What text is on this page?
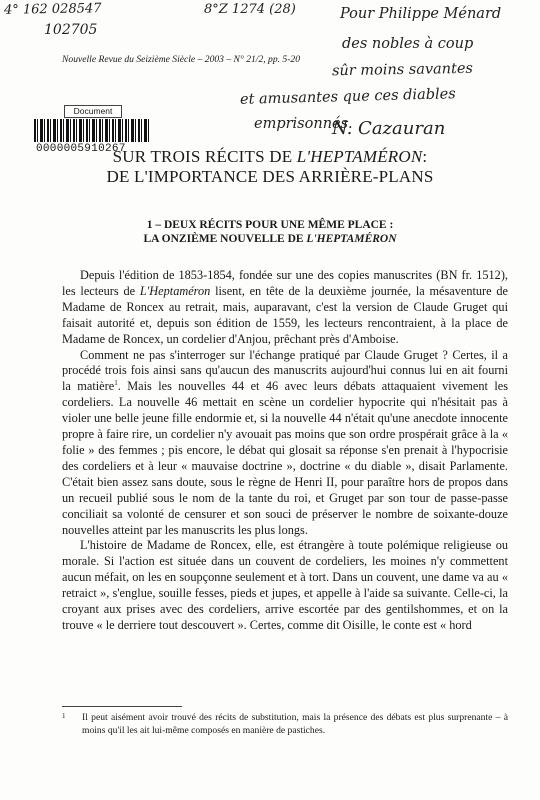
4° 162 028547	8°Z 1274 (28)
102705
Pour Philippe Ménard
des nobles à coup
sûr moins savantes
et amusantes que ces diables
emprisonnés.
N. Cazauran
Nouvelle Revue du Seizième Siècle – 2003 – N° 21/2, pp. 5-20
Document
0000005910267
SUR TROIS RÉCITS DE L'HEPTAMÉRON:
DE L'IMPORTANCE DES ARRIÈRE-PLANS
1 – DEUX RÉCITS POUR UNE MÊME PLACE :
LA ONZIÈME NOUVELLE DE L'HEPTAMÉRON

Depuis l'édition de 1853-1854, fondée sur une des copies manuscrites (BN fr. 1512), les lecteurs de L'Heptaméron lisent, en tête de la deuxième journée, la mésaventure de Madame de Roncex au retrait, mais, auparavant, c'est la version de Claude Gruget qui faisait autorité et, depuis son édition de 1559, les lecteurs rencontraient, à la place de Madame de Roncex, un cordelier d'Anjou, prêchant près d'Amboise.

Comment ne pas s'interroger sur l'échange pratiqué par Claude Gruget ? Certes, il a procédé trois fois ainsi sans qu'aucun des manuscrits aujourd'hui connus lui en ait fourni la matière$^1$. Mais les nouvelles 44 et 46 avec leurs débats attaquaient vivement les cordeliers. La nouvelle 46 mettait en scène un cordelier hypocrite qui n'hésitait pas à violer une belle jeune fille endormie et, si la nouvelle 44 n'était qu'une anecdote innocente propre à faire rire, un cordelier n'y avouait pas moins que son ordre prospérait grâce à la « folie » des femmes ; pis encore, le débat qui glosait sa réponse s'en prenait à l'hypocrisie des cordeliers et à leur « mauvaise doctrine », doctrine « du diable », disait Parlamente. C'était bien assez sans doute, sous le règne de Henri II, pour paraître hors de propos dans un recueil publié sous le nom de la tante du roi, et Gruget par son tour de passe-passe conciliait sa volonté de censurer et son souci de préserver le nombre de soixante-douze nouvelles atteint par les manuscrits les plus longs.

L'histoire de Madame de Roncex, elle, est étrangère à toute polémique religieuse ou morale. Si l'action est située dans un couvent de cordeliers, les moines n'y commettent aucun méfait, on les en soupçonne seulement et à tort. Dans un couvent, une dame va au « retraict », s'englue, souille fesses, pieds et jupes, et appelle à l'aide sa suivante. Celle-ci, la croyant aux prises avec des cordeliers, arrive escortée par des gentilshommes, et on la trouve « le derriere tout descouvert ». Certes, comme dit Oisille, le conte est « hord

1	Il peut aisément avoir trouvé des récits de substitution, mais la présence des débats est plus surprenante – à moins qu'il les ait lui-même composés en manière de pastiches.
